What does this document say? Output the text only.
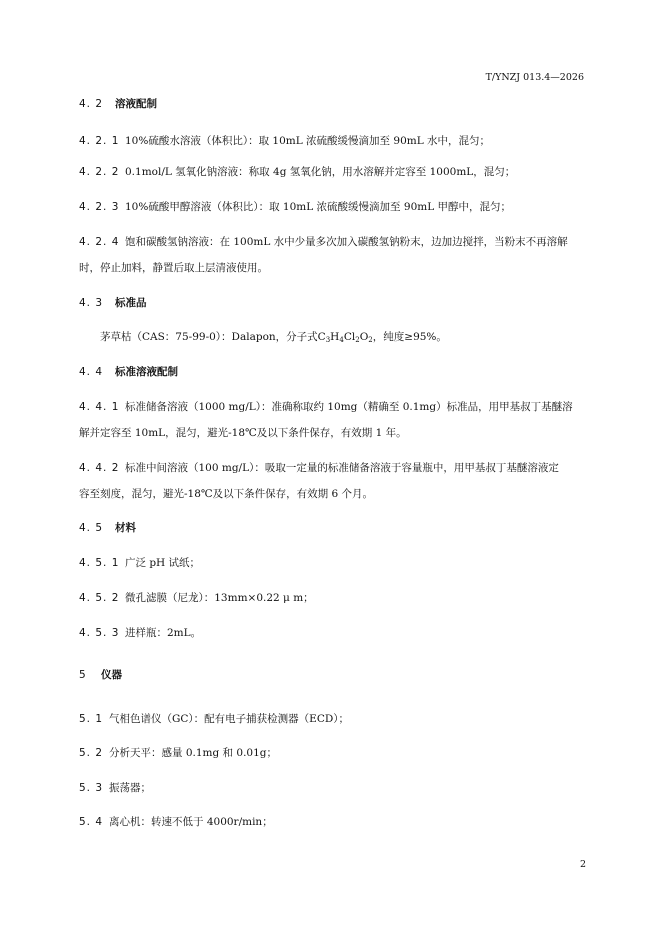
T/YNZJ 013.4—2026
4. 2 溶液配制
4. 2. 1 10%硫酸水溶液（体积比）：取 10mL 浓硫酸缓慢滴加至 90mL 水中，混匀；
4. 2. 2 0.1mol/L 氢氧化钠溶液：称取 4g 氢氧化钠，用水溶解并定容至 1000mL，混匀；
4. 2. 3 10%硫酸甲醇溶液（体积比）：取 10mL 浓硫酸缓慢滴加至 90mL 甲醇中，混匀；
4. 2. 4 饱和碳酸氢钠溶液：在 100mL 水中少量多次加入碳酸氢钠粉末，边加边搅拌，当粉末不再溶解
时，停止加料，静置后取上层清液使用。
4. 3 标准品
茅草枯（CAS：75-99-0）：Dalapon，分子式$C_3H_4Cl_2O_2$，纯度≥95%。
4. 4 标准溶液配制
4. 4. 1 标准储备溶液（1000 mg/L）：准确称取约 10mg（精确至 0.1mg）标准品，用甲基叔丁基醚溶
解并定容至 10mL，混匀，避光-18℃及以下条件保存，有效期 1 年。
4. 4. 2 标准中间溶液（100 mg/L）：吸取一定量的标准储备溶液于容量瓶中，用甲基叔丁基醚溶液定
容至刻度，混匀，避光-18℃及以下条件保存，有效期 6 个月。
4. 5 材料
4. 5. 1 广泛 pH 试纸；
4. 5. 2 微孔滤膜（尼龙）：13mm×0.22 μ m；
4. 5. 3 进样瓶：2mL。
5 仪器
5. 1 气相色谱仪（GC）：配有电子捕获检测器（ECD）；
5. 2 分析天平：感量 0.1mg 和 0.01g；
5. 3 振荡器；
5. 4 离心机：转速不低于 4000r/min；
2
